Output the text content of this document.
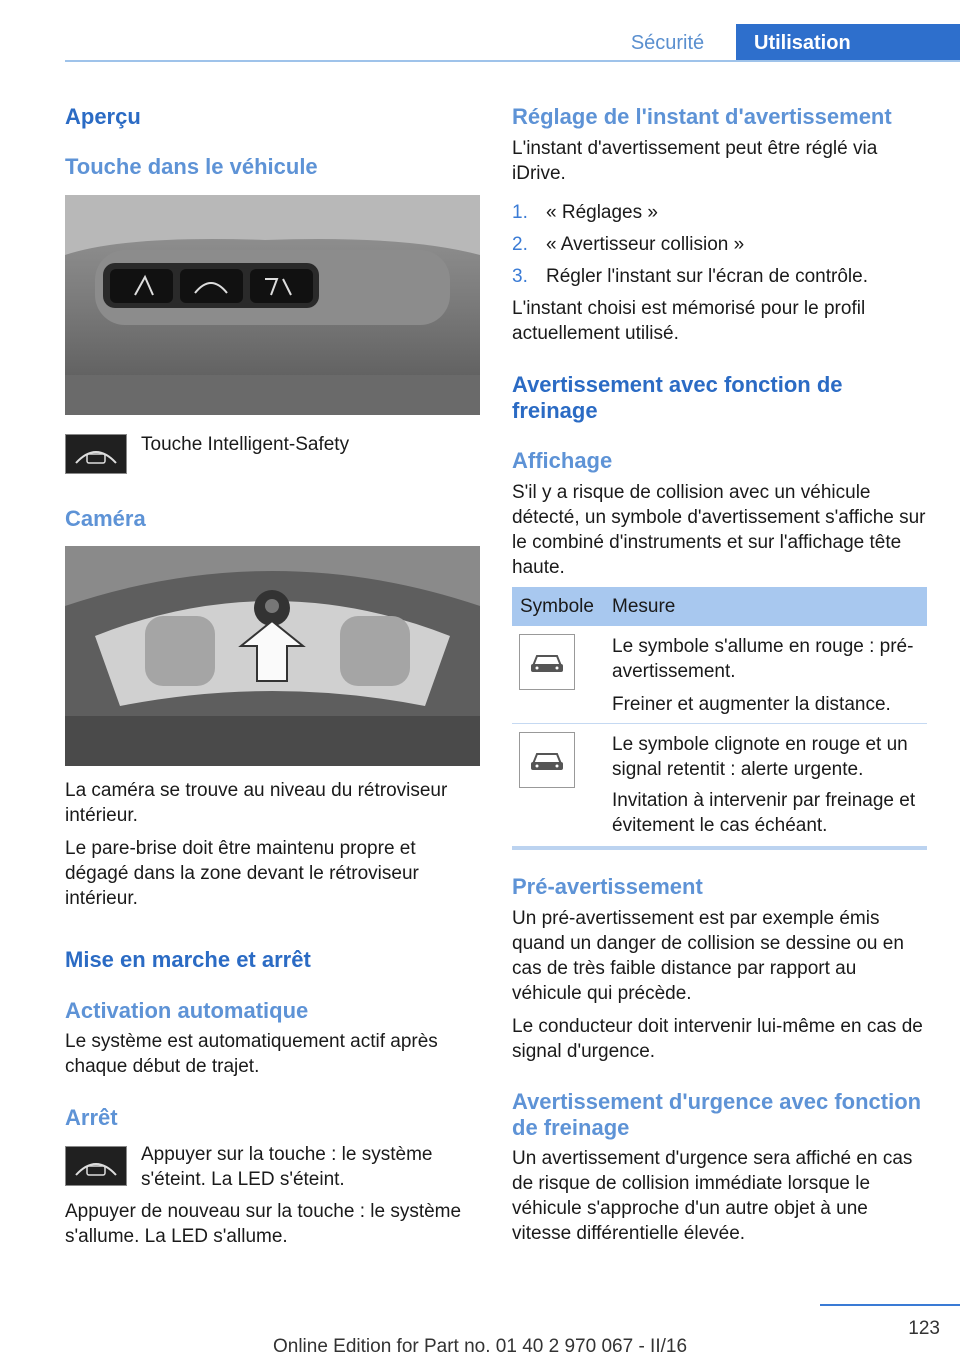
Sécurité	Utilisation
Aperçu
Touche dans le véhicule
Touche Intelligent-Safety
Caméra
La caméra se trouve au niveau du rétroviseur intérieur.
Le pare-brise doit être maintenu propre et dégagé dans la zone devant le rétroviseur intérieur.
Mise en marche et arrêt
Activation automatique
Le système est automatiquement actif après chaque début de trajet.
Arrêt
Appuyer sur la touche : le système s'éteint. La LED s'éteint.
Appuyer de nouveau sur la touche : le système s'allume. La LED s'allume.
Réglage de l'instant d'avertissement
L'instant d'avertissement peut être réglé via iDrive.
1. « Réglages »
2. « Avertisseur collision »
3. Régler l'instant sur l'écran de contrôle.
L'instant choisi est mémorisé pour le profil actuellement utilisé.
Avertissement avec fonction de freinage
Affichage
S'il y a risque de collision avec un véhicule détecté, un symbole d'avertissement s'affiche sur le combiné d'instruments et sur l'affichage tête haute.
Symbole Mesure
Le symbole s'allume en rouge : pré-avertissement.
Freiner et augmenter la distance.
Le symbole clignote en rouge et un signal retentit : alerte urgente.
Invitation à intervenir par freinage et évitement le cas échéant.
Pré-avertissement
Un pré-avertissement est par exemple émis quand un danger de collision se dessine ou en cas de très faible distance par rapport au véhicule qui précède.
Le conducteur doit intervenir lui-même en cas de signal d'urgence.
Avertissement d'urgence avec fonction de freinage
Un avertissement d'urgence sera affiché en cas de risque de collision immédiate lorsque le véhicule s'approche d'un autre objet à une vitesse différentielle élevée.
123
Online Edition for Part no. 01 40 2 970 067 - II/16
